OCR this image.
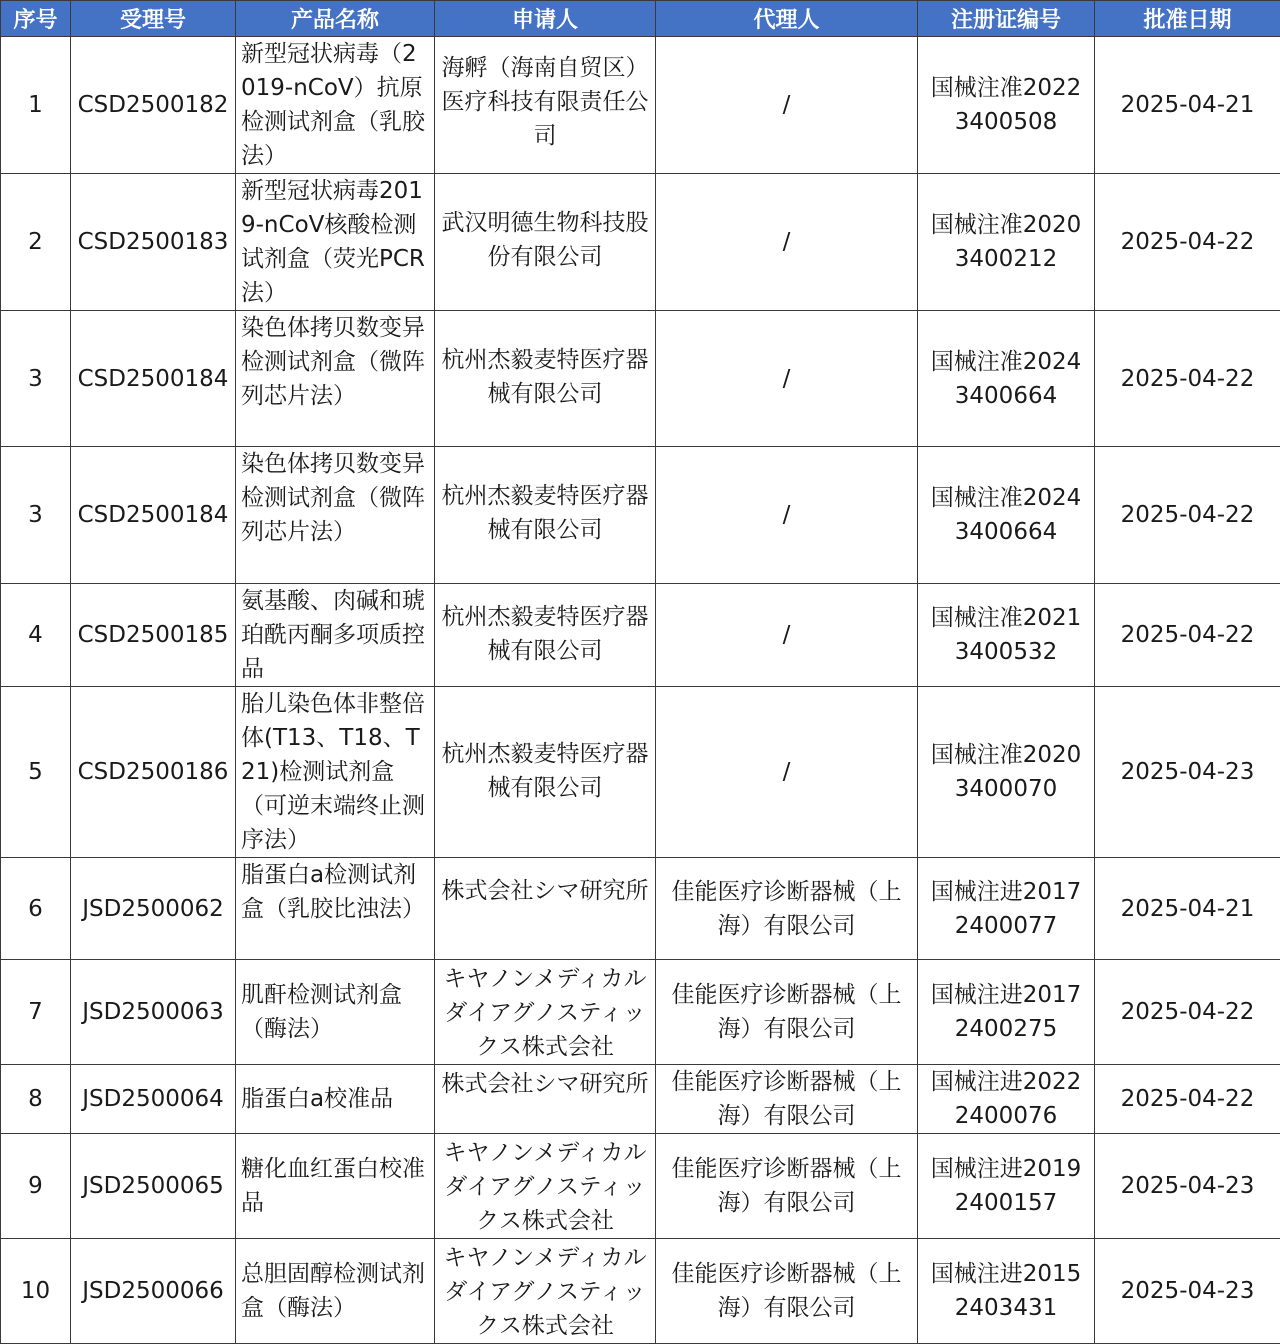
序号	受理号	产品名称	申请人	代理人	注册证编号	批准日期
1	CSD2500182	新型冠状病毒（2019-nCoV）抗原检测试剂盒（乳胶法）	海孵（海南自贸区）医疗科技有限责任公司	/	国械注准20223400508	2025-04-21
2	CSD2500183	新型冠状病毒2019-nCoV核酸检测试剂盒（荧光PCR法）	武汉明德生物科技股份有限公司	/	国械注准20203400212	2025-04-22
3	CSD2500184	染色体拷贝数变异检测试剂盒（微阵列芯片法）	杭州杰毅麦特医疗器械有限公司	/	国械注准20243400664	2025-04-22
3	CSD2500184	染色体拷贝数变异检测试剂盒（微阵列芯片法）	杭州杰毅麦特医疗器械有限公司	/	国械注准20243400664	2025-04-22
4	CSD2500185	氨基酸、肉碱和琥珀酰丙酮多项质控品	杭州杰毅麦特医疗器械有限公司	/	国械注准20213400532	2025-04-22
5	CSD2500186	胎儿染色体非整倍体(T13、T18、T21)检测试剂盒（可逆末端终止测序法）	杭州杰毅麦特医疗器械有限公司	/	国械注准20203400070	2025-04-23
6	JSD2500062	脂蛋白a检测试剂盒（乳胶比浊法）	株式会社シマ研究所	佳能医疗诊断器械（上海）有限公司	国械注进20172400077	2025-04-21
7	JSD2500063	肌酐检测试剂盒（酶法）	キヤノンメディカルダイアグノスティックス株式会社	佳能医疗诊断器械（上海）有限公司	国械注进20172400275	2025-04-22
8	JSD2500064	脂蛋白a校准品	株式会社シマ研究所	佳能医疗诊断器械（上海）有限公司	国械注进20222400076	2025-04-22
9	JSD2500065	糖化血红蛋白校准品	キヤノンメディカルダイアグノスティックス株式会社	佳能医疗诊断器械（上海）有限公司	国械注进20192400157	2025-04-23
10	JSD2500066	总胆固醇检测试剂盒（酶法）	キヤノンメディカルダイアグノスティックス株式会社	佳能医疗诊断器械（上海）有限公司	国械注进20152403431	2025-04-23
